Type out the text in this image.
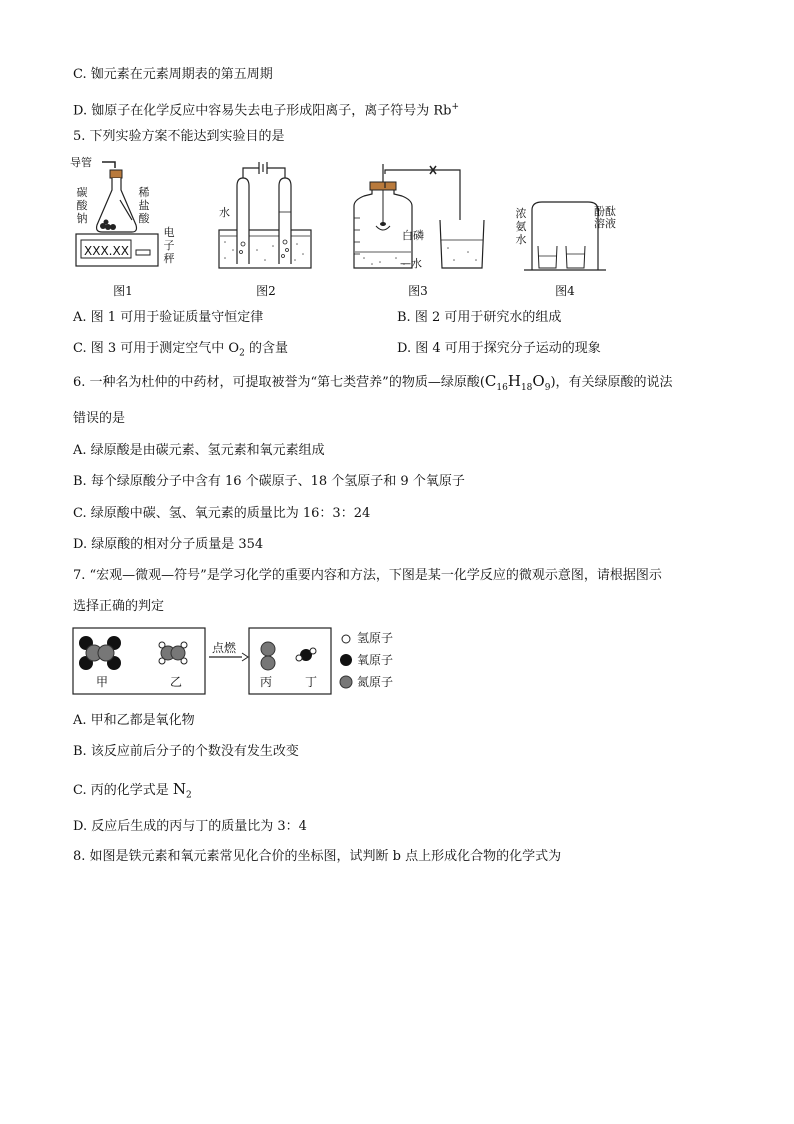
C. 铷元素在元素周期表的第五周期
D. 铷原子在化学反应中容易失去电子形成阳离子，离子符号为 Rb+
5. 下列实验方案不能达到实验目的是
导管
碳
酸
钠
稀
盐
酸
电
子
秤
XXX.XX
图1
水
图2
白磷
—水
图3
浓
氨
水
酚酞
溶液
图4
A. 图 1 可用于验证质量守恒定律	B. 图 2 可用于研究水的组成
C. 图 3 可用于测定空气中 $O_2$ 的含量	D. 图 4 可用于探究分子运动的现象
6. 一种名为杜仲的中药材，可提取被誉为“第七类营养”的物质—绿原酸$(C_{16}H_{18}O_9)$，有关绿原酸的说法
错误的是
A. 绿原酸是由碳元素、氢元素和氧元素组成
B. 每个绿原酸分子中含有 16 个碳原子、18 个氢原子和 9 个氧原子
C. 绿原酸中碳、氢、氧元素的质量比为 16：3：24
D. 绿原酸的相对分子质量是 354
7. “宏观—微观—符号”是学习化学的重要内容和方法，下图是某一化学反应的微观示意图，请根据图示
选择正确的判定
甲	乙	丙	丁
点燃
氢原子
氧原子
氮原子
A. 甲和乙都是氧化物
B. 该反应前后分子的个数没有发生改变
C. 丙的化学式是 $N_2$
D. 反应后生成的丙与丁的质量比为 3：4
8. 如图是铁元素和氧元素常见化合价的坐标图，试判断 b 点上形成化合物的化学式为
